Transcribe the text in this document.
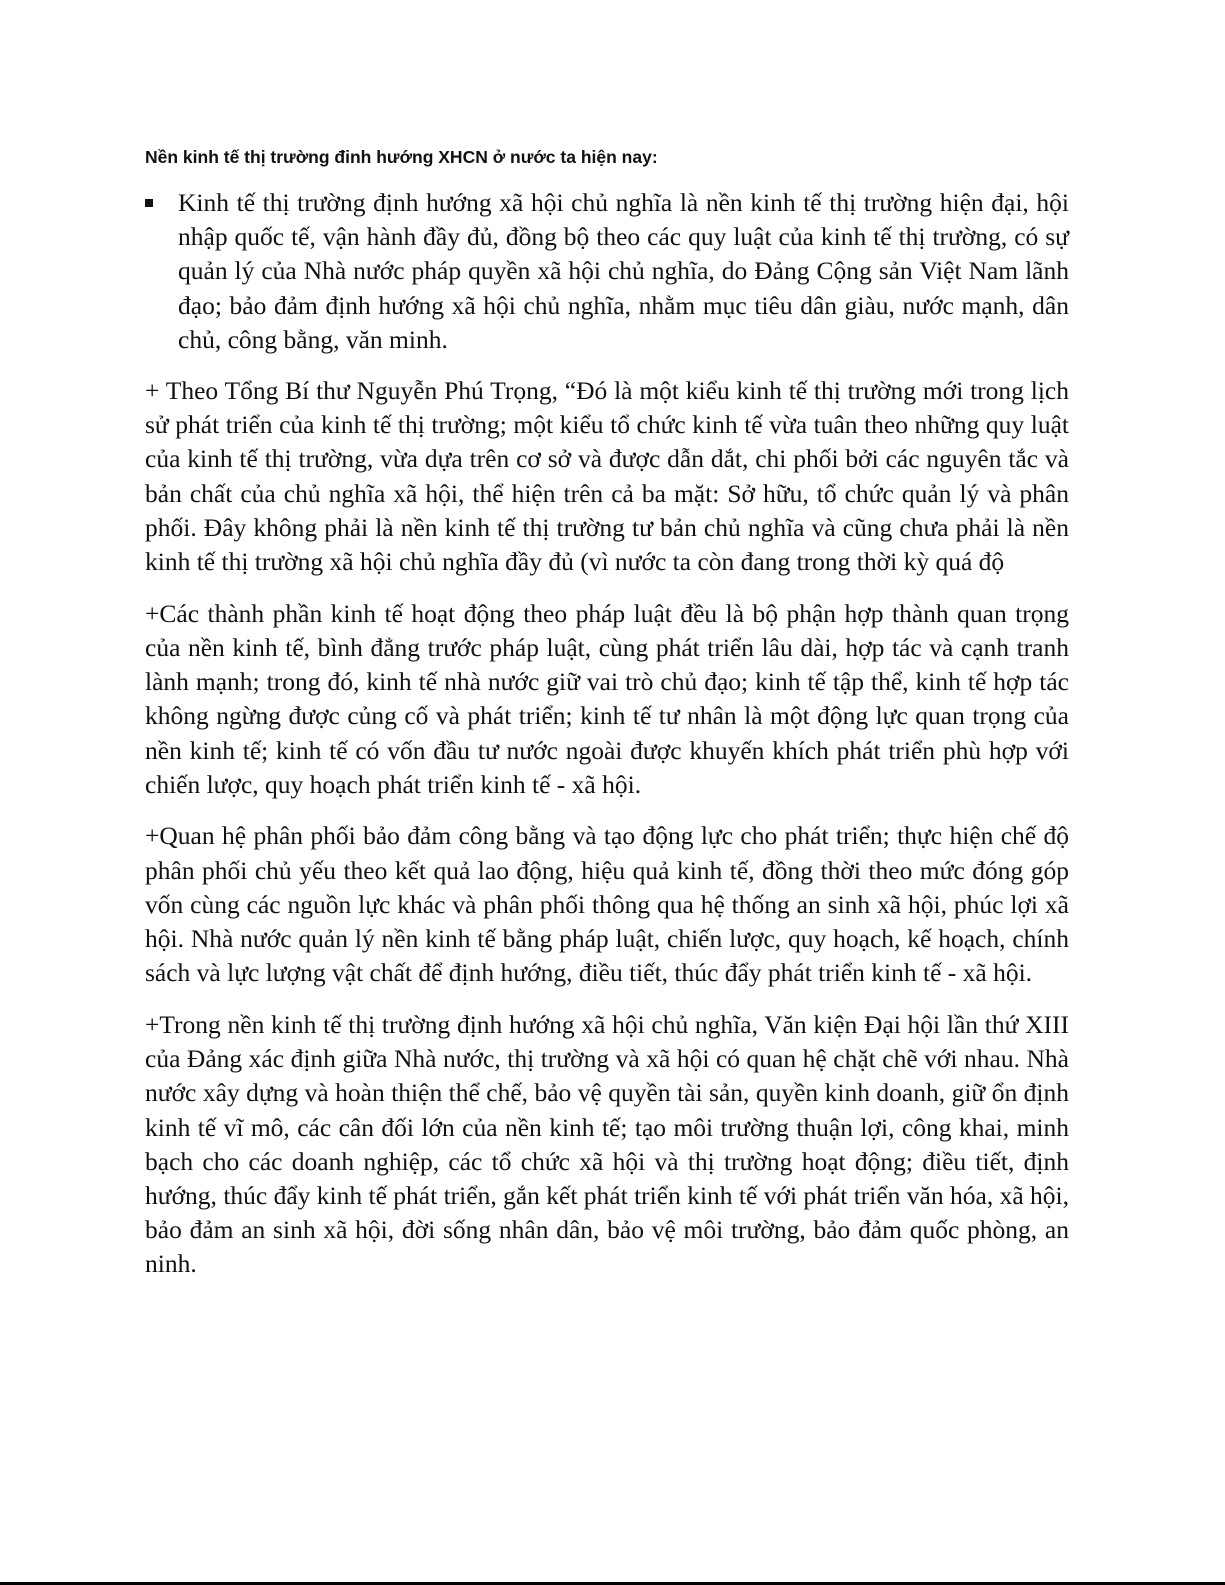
Nền kinh tế thị trường đinh hướng XHCN ở nước ta hiện nay:
Kinh tế thị trường định hướng xã hội chủ nghĩa là nền kinh tế thị trường hiện đại, hội nhập quốc tế, vận hành đầy đủ, đồng bộ theo các quy luật của kinh tế thị trường, có sự quản lý của Nhà nước pháp quyền xã hội chủ nghĩa, do Đảng Cộng sản Việt Nam lãnh đạo; bảo đảm định hướng xã hội chủ nghĩa, nhằm mục tiêu dân giàu, nước mạnh, dân chủ, công bằng, văn minh.

+ Theo Tổng Bí thư Nguyễn Phú Trọng, “Đó là một kiểu kinh tế thị trường mới trong lịch sử phát triển của kinh tế thị trường; một kiểu tổ chức kinh tế vừa tuân theo những quy luật của kinh tế thị trường, vừa dựa trên cơ sở và được dẫn dắt, chi phối bởi các nguyên tắc và bản chất của chủ nghĩa xã hội, thể hiện trên cả ba mặt: Sở hữu, tổ chức quản lý và phân phối. Đây không phải là nền kinh tế thị trường tư bản chủ nghĩa và cũng chưa phải là nền kinh tế thị trường xã hội chủ nghĩa đầy đủ (vì nước ta còn đang trong thời kỳ quá độ

+Các thành phần kinh tế hoạt động theo pháp luật đều là bộ phận hợp thành quan trọng của nền kinh tế, bình đẳng trước pháp luật, cùng phát triển lâu dài, hợp tác và cạnh tranh lành mạnh; trong đó, kinh tế nhà nước giữ vai trò chủ đạo; kinh tế tập thể, kinh tế hợp tác không ngừng được củng cố và phát triển; kinh tế tư nhân là một động lực quan trọng của nền kinh tế; kinh tế có vốn đầu tư nước ngoài được khuyến khích phát triển phù hợp với chiến lược, quy hoạch phát triển kinh tế - xã hội.

+Quan hệ phân phối bảo đảm công bằng và tạo động lực cho phát triển; thực hiện chế độ phân phối chủ yếu theo kết quả lao động, hiệu quả kinh tế, đồng thời theo mức đóng góp vốn cùng các nguồn lực khác và phân phối thông qua hệ thống an sinh xã hội, phúc lợi xã hội. Nhà nước quản lý nền kinh tế bằng pháp luật, chiến lược, quy hoạch, kế hoạch, chính sách và lực lượng vật chất để định hướng, điều tiết, thúc đẩy phát triển kinh tế - xã hội.

+Trong nền kinh tế thị trường định hướng xã hội chủ nghĩa, Văn kiện Đại hội lần thứ XIII của Đảng xác định giữa Nhà nước, thị trường và xã hội có quan hệ chặt chẽ với nhau. Nhà nước xây dựng và hoàn thiện thể chế, bảo vệ quyền tài sản, quyền kinh doanh, giữ ổn định kinh tế vĩ mô, các cân đối lớn của nền kinh tế; tạo môi trường thuận lợi, công khai, minh bạch cho các doanh nghiệp, các tổ chức xã hội và thị trường hoạt động; điều tiết, định hướng, thúc đẩy kinh tế phát triển, gắn kết phát triển kinh tế với phát triển văn hóa, xã hội, bảo đảm an sinh xã hội, đời sống nhân dân, bảo vệ môi trường, bảo đảm quốc phòng, an ninh.
